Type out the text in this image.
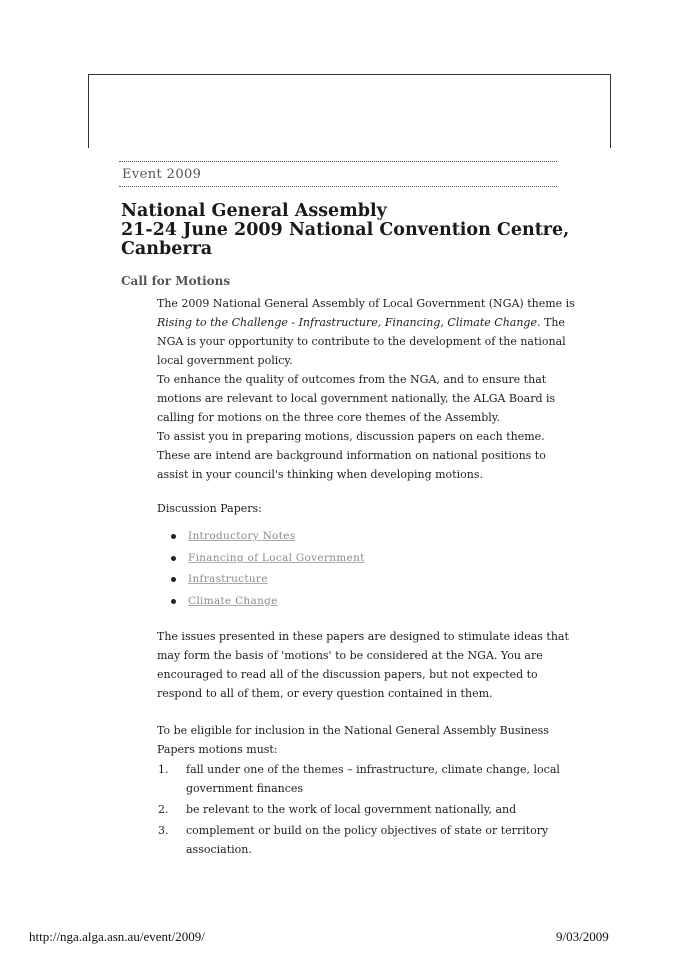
Event 2009
National General Assembly
21-24 June 2009 National Convention Centre,
Canberra
Call for Motions

The 2009 National General Assembly of Local Government (NGA) theme is Rising to the Challenge - Infrastructure, Financing, Climate Change. The NGA is your opportunity to contribute to the development of the national local government policy.

To enhance the quality of outcomes from the NGA, and to ensure that motions are relevant to local government nationally, the ALGA Board is calling for motions on the three core themes of the Assembly.

To assist you in preparing motions, discussion papers on each theme. These are intend are background information on national positions to assist in your council's thinking when developing motions.

Discussion Papers:

Introductory Notes
Financing of Local Government
Infrastructure
Climate Change

The issues presented in these papers are designed to stimulate ideas that may form the basis of 'motions' to be considered at the NGA. You are encouraged to read all of the discussion papers, but not expected to respond to all of them, or every question contained in them.

To be eligible for inclusion in the National General Assembly Business Papers motions must:

1. fall under one of the themes – infrastructure, climate change, local government finances
2. be relevant to the work of local government nationally, and
3. complement or build on the policy objectives of state or territory association.
http://nga.alga.asn.au/event/2009/	9/03/2009
